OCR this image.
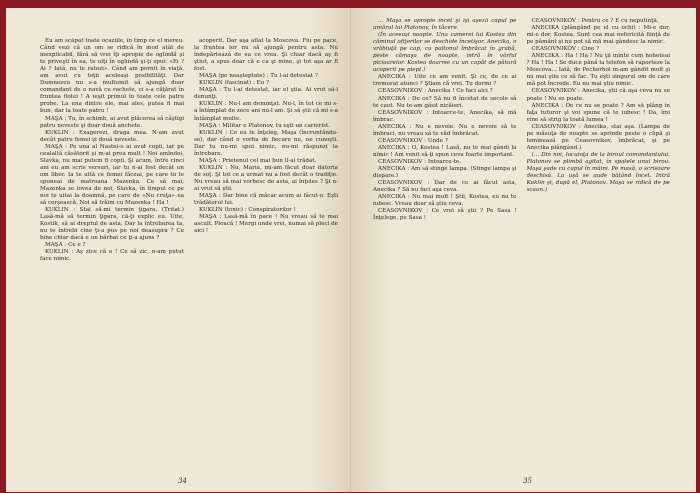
Eu am scăpat toate ocaziile, în timp ce el mereu. Când vezi că un om se ridică în mod atât de inexplicabil, fără să vrei îţi apropie de oglindă şi te priveşti în ea, te uiţi în oglindă şi-ţi spui: «Ei ? Ai ? Iată, nu te ratezi». Când am pornit în viaţă, am avut cu toţii aceleaşi posibilităţi. Dar Dumnezeu nu s-a multumit să ajungă doar comandant de o navă cu rachete, ci s-a căţărat în fruntea flotei ! A ieşit primul în toate cele patru probe. La una dintre ele, mai ales, putea fi mai bun, dar la toate patru !

MAŞA : Tu, în schimb, ai avut plăcerea să câştigi patru neveste şi doar două anchete.

KUKLIN : Exagerezi, draga mea. N-am avut decât patru femei şi două neveste.

MAŞA : Pe una al Nastei-o ai avut copii, iar pe cealaltă căsătorit şi m-ai prea mult ! Noi amîndoi, Slavka, nu mai putem fi copii. Şi acum, între cinci ani eu am scris versuri, iar tu n-ai fost decât un om liber. Ia te uită ce femei făceai, pe care tu le spuneai de matroana Mazenka. Ce să mai, Mazenka se lovea de noi, Slavka, în timpul ce pe noi te uitai la doamnă, pe care de «Nu cruţa» ea să cerşească. Noi să trăim cu Mazenka ! Ha !

KUKLIN : Stai să-mi termin ţigara. (Tritat.) Lasă-mă să termin ţigara, că-ţi explic eu. Uite, Kostik, să ai dreptul de asta. Dar la întrebarea ta, nu te întrebi cine ţi-a pus pe noi deasupra ? Ce bine chiar dacă e un bărbat ce ţi-a ajuns ?

MAŞA : Ce e ?

KUKLIN : Aş zice că e ! Ce să zic, n-am putut face nimic.

acoperit. Dar aşa aflat la Moscova. Fiu pe pace, la fruntea lor nu să ajungă pentru asta. Nu îndepărtează de ea ce vrea. Şi chiar dacă aş fi ştiut, a spus doar că e ca şi mine, şi tot aşa ar fi fost.

MAŞA (pe neaşteptate) : Tu l-ai detestat ?

KUKLIN (fascinat) : Eu ?

MAŞA : Tu l-ai detestat, iar el ştia. Ai vrut să-l denunţi.

KUKLIN : Nu-l am denunţat. Nu-l, în tot ce mi s-a întâmplat de zece ani nu-l am. Şi să ştii că mi s-a întâmplat multe.

MAŞA : Militar e Platonov, tu eşti un carierist.

KUKLIN : Ce eu te înţeleg, Maşa (încruntându-se), dar când o vorba de fiecare nu, ne cunoşti. Dar tu nu-mi spui nimic, nu-mi răspunzi la întrebare.

MAŞA : Prietenul cel mai bun îl-ai trădat.

KUKLIN : Nu, Maria, mi-am făcut doar datoria de soţ. Şi tot ce a urmat nu a fost decât o tradiţie. Nu vreau să mai vorbesc de asta, ai înţeles ? Şi n-ai vrut să ştii.

MAŞA : Dar bine că măcar acum ai făcut-o. Eşti trădătorul lui.

KUKLIN (tonic) : Conspiratorilor !

MAŞA : Lasă-mă în pace ! Nu vreau să te mai ascult. Pleacă ! Mergi unde vrei, numai să pleci de aici !

34

... Maşa se apropie încet şi îşi aşeză capul pe umărul lui Platonov, în tăcere.

(În aceeaşi noapte. Una camerei lui Kostea din căminul ofiţerilor se deschide încetişor. Anecika, o vrăbiuţă pe cap, cu paltonul îmbrăcat în grabă, peste cămaşa de noapte, intră în vârful picioarelor. Kostea doarme cu un capăt de pătură acoperit pe piept.)

ANECIKA : Uite ce am venit. Şi ce, de ce ai tremurat atunci ? Ştiam că vrei. Tu dormi ?

CEASOVNIKOV : Anecika ! Ce faci aici ?

ANECIKA : De ce? Să nu fi încetat de secole să te caut. Nu te-am găsit nicăieri.

CEASOVNIKOV : Intoarce-te, Anecika, să mă îmbrac.

ANECIKA : Nu e nevoie. Nu e nevoie să te îmbraci, nu vreau să te văd îmbrăcat.

CEASOVNIKOV : Unde ?

ANECIKA : O, Kostea ! Lasă, nu te mai gândi la nimic ! Am venit să-ţi spun ceva foarte important.

CEASOVNIKOV : Intoarce-te.

ANECIKA : Am să stinge lampa. (Stinge lampa şi dispare.)

CEASOVNIKOV : Dar de ce ai făcut asta, Anecika ? Să nu faci aşa ceva.

ANECIKA : Nu mai mult ! Ştii, Kostea, eu nu te iubesc. Vreau doar să ştiu ceva.

CEASOVNIKOV : Ce vrei să ştii ? Pe Sasa ! Înţelege, pe Sasa !

CEASOVNIKOV : Pentru ce ? E cu neputinţă.

ANECIKA (plângând pe el cu ochi) : Mi-e dor, mi-e dor, Kostea. Sunt cea mai nefericită fiinţă de pe pământ şi nu pot să mă mai gândesc la nimic.

CEASOVNIKOV : Cine ?

ANECIKA : Ha ! Ha ! Nu ţii minte cum hoheteai ? Ha ! Ha ! Se duce până la telefon să raporteze la Moscova... Iată, de Pecherhol m-am gândit mult şi nu mai ştiu ce să fac. Tu eşti singurul om de care mă pot încrede. Eu nu mai ştiu nimic.

CEASOVNIKOV : Anecika, ştii că aşa ceva nu se poate ! Nu se poate.

ANECIKA : De ce nu se poate ? Am să plâng în faţa tuturor şi voi spune că te iubesc ! Da, îmi vine să strig la toată lumea !

CEASOVNIKOV : Anecika, stai aşa. (Lampa de pe măsuţa de noapte se aprinde peste o clipă şi luminează pe Ceasovnikov, îmbrăcat, şi pe Anecika plângând.)

(... Din noi, locuinţa de la biroul comandantului. Platonov se plimbă agitat, în spatele unui birou. Maşa şade cu capul în mâini. Pe masă, o scrisoare deschisă. La uşă se aude bătând încet. Intră Kuklin şi, după el, Platonov. Maşa se ridică de pe scaun.)

35
